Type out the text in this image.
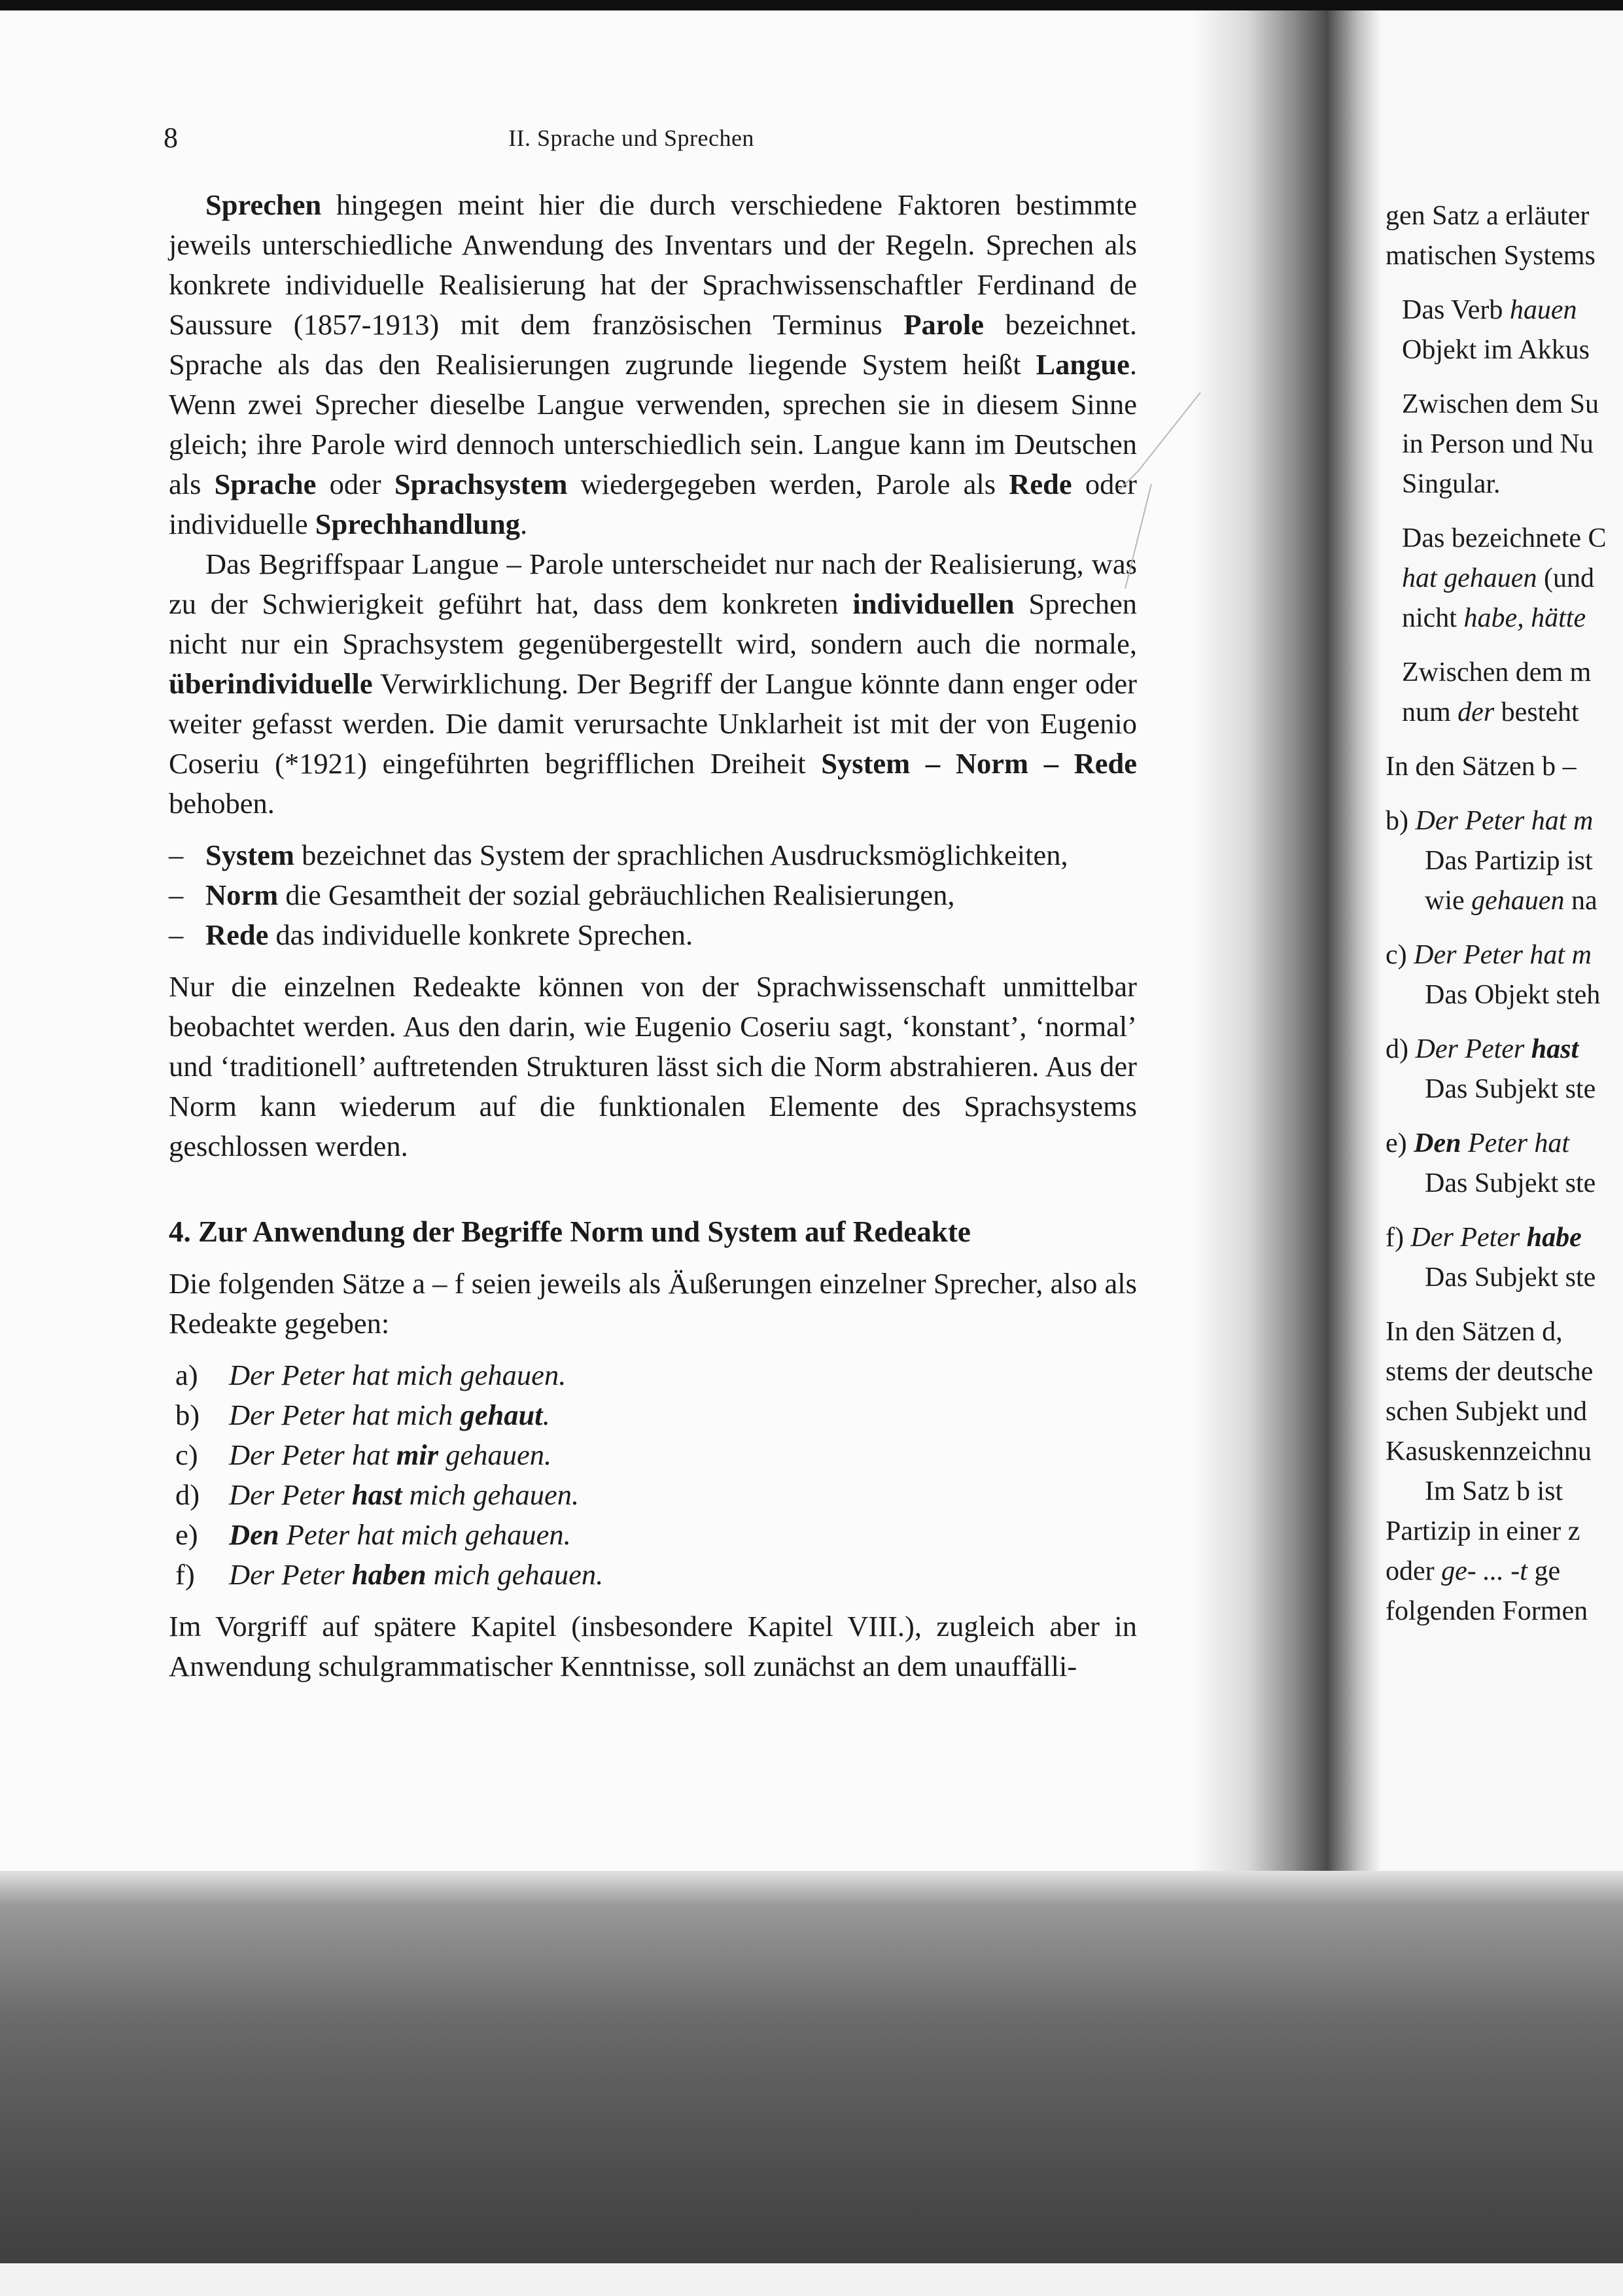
8	II. Sprache und Sprechen

Sprechen hingegen meint hier die durch verschiedene Faktoren bestimmte jeweils unterschiedliche Anwendung des Inventars und der Regeln. Sprechen als konkrete individuelle Realisierung hat der Sprachwissenschaftler Ferdinand de Saussure (1857-1913) mit dem französischen Terminus Parole bezeichnet. Sprache als das den Realisierungen zugrunde liegende System heißt Langue. Wenn zwei Sprecher dieselbe Langue verwenden, sprechen sie in diesem Sinne gleich; ihre Parole wird dennoch unterschiedlich sein. Langue kann im Deutschen als Sprache oder Sprachsystem wiedergegeben werden, Parole als Rede oder individuelle Sprechhandlung.

Das Begriffspaar Langue – Parole unterscheidet nur nach der Realisierung, was zu der Schwierigkeit geführt hat, dass dem konkreten individuellen Sprechen nicht nur ein Sprachsystem gegenübergestellt wird, sondern auch die normale, überindividuelle Verwirklichung. Der Begriff der Langue könnte dann enger oder weiter gefasst werden. Die damit verursachte Unklarheit ist mit der von Eugenio Coseriu (*1921) eingeführten begrifflichen Dreiheit System – Norm – Rede behoben.

– System bezeichnet das System der sprachlichen Ausdrucksmöglichkeiten,
– Norm die Gesamtheit der sozial gebräuchlichen Realisierungen,
– Rede das individuelle konkrete Sprechen.

Nur die einzelnen Redeakte können von der Sprachwissenschaft unmittelbar beobachtet werden. Aus den darin, wie Eugenio Coseriu sagt, ‘konstant’, ‘normal’ und ‘traditionell’ auftretenden Strukturen lässt sich die Norm abstrahieren. Aus der Norm kann wiederum auf die funktionalen Elemente des Sprachsystems geschlossen werden.

4. Zur Anwendung der Begriffe Norm und System auf Redeakte

Die folgenden Sätze a – f seien jeweils als Äußerungen einzelner Sprecher, also als Redeakte gegeben:

a) Der Peter hat mich gehauen.
b) Der Peter hat mich gehaut.
c) Der Peter hat mir gehauen.
d) Der Peter hast mich gehauen.
e) Den Peter hat mich gehauen.
f) Der Peter haben mich gehauen.

Im Vorgriff auf spätere Kapitel (insbesondere Kapitel VIII.), zugleich aber in Anwendung schulgrammatischer Kenntnisse, soll zunächst an dem unauffälli-

gen Satz a erläuter
matischen Systems
Das Verb hauen
Objekt im Akkus
Zwischen dem Su
in Person und Nu
Singular.
Das bezeichnete C
hat gehauen (und
nicht habe, hätte
Zwischen dem m
num der besteht
In den Sätzen b –
b) Der Peter hat m
Das Partizip ist
wie gehauen na
c) Der Peter hat m
Das Objekt steh
d) Der Peter hast
Das Subjekt ste
e) Den Peter hat
Das Subjekt ste
f) Der Peter habe
Das Subjekt ste
In den Sätzen d,
stems der deutsche
schen Subjekt und
Kasuskennzeichnu
Im Satz b ist
Partizip in einer z
oder ge- ... -t ge
folgenden Formen
